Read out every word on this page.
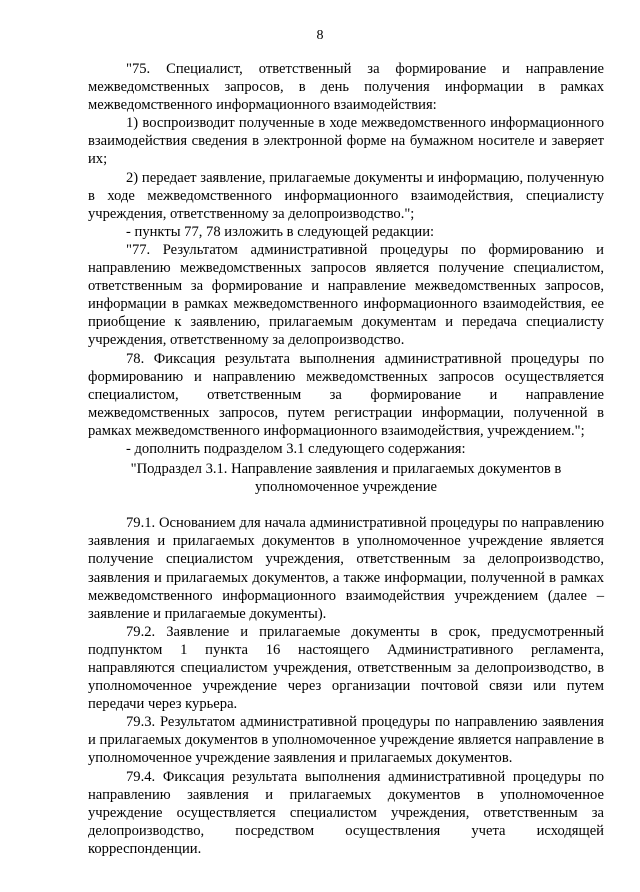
8

"75. Специалист, ответственный за формирование и направление межведомственных запросов, в день получения информации в рамках межведомственного информационного взаимодействия:

1) воспроизводит полученные в ходе межведомственного информационного взаимодействия сведения в электронной форме на бумажном носителе и заверяет их;

2) передает заявление, прилагаемые документы и информацию, полученную в ходе межведомственного информационного взаимодействия, специалисту учреждения, ответственному за делопроизводство.";

- пункты 77, 78 изложить в следующей редакции:

"77. Результатом административной процедуры по формированию и направлению межведомственных запросов является получение специалистом, ответственным за формирование и направление межведомственных запросов, информации в рамках межведомственного информационного взаимодействия, ее приобщение к заявлению, прилагаемым документам и передача специалисту учреждения, ответственному за делопроизводство.

78. Фиксация результата выполнения административной процедуры по формированию и направлению межведомственных запросов осуществляется специалистом, ответственным за формирование и направление межведомственных запросов, путем регистрации информации, полученной в рамках межведомственного информационного взаимодействия, учреждением.";

- дополнить подразделом 3.1 следующего содержания:

"Подраздел 3.1. Направление заявления и прилагаемых документов в уполномоченное учреждение

79.1. Основанием для начала административной процедуры по направлению заявления и прилагаемых документов в уполномоченное учреждение является получение специалистом учреждения, ответственным за делопроизводство, заявления и прилагаемых документов, а также информации, полученной в рамках межведомственного информационного взаимодействия учреждением (далее – заявление и прилагаемые документы).

79.2. Заявление и прилагаемые документы в срок, предусмотренный подпунктом 1 пункта 16 настоящего Административного регламента, направляются специалистом учреждения, ответственным за делопроизводство, в уполномоченное учреждение через организации почтовой связи или путем передачи через курьера.

79.3. Результатом административной процедуры по направлению заявления и прилагаемых документов в уполномоченное учреждение является направление в уполномоченное учреждение заявления и прилагаемых документов.

79.4. Фиксация результата выполнения административной процедуры по направлению заявления и прилагаемых документов в уполномоченное учреждение осуществляется специалистом учреждения, ответственным за делопроизводство, посредством осуществления учета исходящей корреспонденции.
